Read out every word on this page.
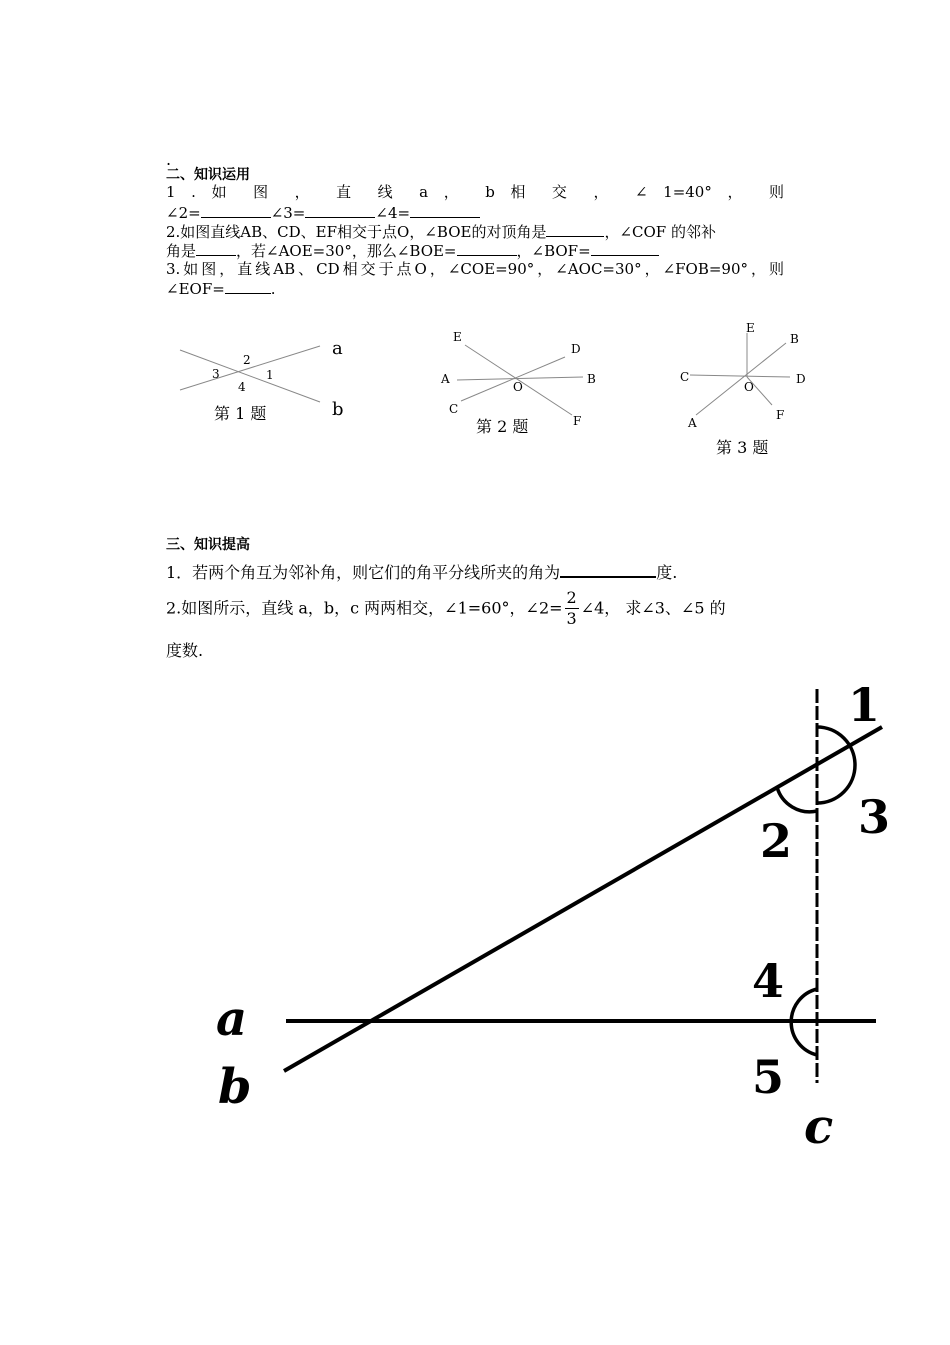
.
二、知识运用
1 . 如 图 ， 直 线 a ， b 相 交 ， ∠ 1=40° ， 则
∠2=	∠3=	∠4=
2.如图直线AB、CD、EF相交于点O，∠BOE的对顶角是	，∠COF 的邻补
角是	，若∠AOE=30°，那么∠BOE=	，∠BOF=
3.如图，直线AB、CD相交于点O，∠COE=90°，∠AOC=30°，∠FOB=90°，则
∠EOF=	.
a
b
2
3	1
4
第 1 题
E
D
A
O
B
C
F
第 2 题
E
B
C
O
D
A
F
第 3 题
三、知识提高
1．若两个角互为邻补角，则它们的角平分线所夹的角为	度.
2.如图所示，直线 a，b，c 两两相交，∠1=60°，∠2= $\frac{2}{3}$ ∠4， 求∠3、∠5 的
度数.
1
2 3
4
5
a
b
c
